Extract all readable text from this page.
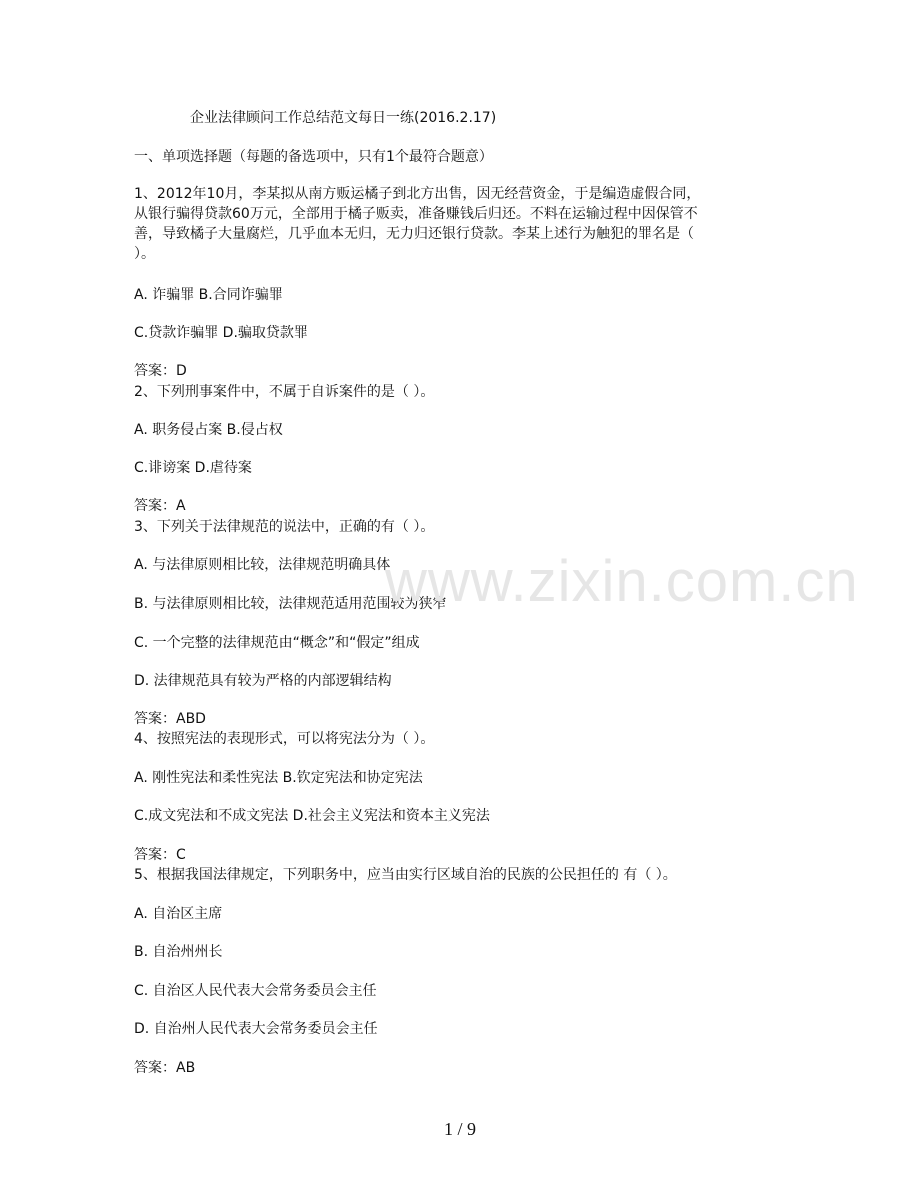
企业法律顾问工作总结范文每日一练(2016.2.17)
一、单项选择题（每题的备选项中，只有1个最符合题意）
1、2012年10月，李某拟从南方贩运橘子到北方出售，因无经营资金，于是编造虚假合同，
从银行骗得贷款60万元，全部用于橘子贩卖，准备赚钱后归还。不料在运输过程中因保管不
善，导致橘子大量腐烂，几乎血本无归，无力归还银行贷款。李某上述行为触犯的罪名是（
）。
A. 诈骗罪 B.合同诈骗罪
C.贷款诈骗罪 D.骗取贷款罪
答案：D
2、下列刑事案件中，不属于自诉案件的是（ ）。
A. 职务侵占案 B.侵占权
C.诽谤案 D.虐待案
答案：A
3、下列关于法律规范的说法中，正确的有（ ）。
A. 与法律原则相比较，法律规范明确具体
B. 与法律原则相比较，法律规范适用范围较为狭窄
C. 一个完整的法律规范由“概念”和“假定”组成
D. 法律规范具有较为严格的内部逻辑结构
答案：ABD
4、按照宪法的表现形式，可以将宪法分为（ ）。
A. 刚性宪法和柔性宪法 B.钦定宪法和协定宪法
C.成文宪法和不成文宪法 D.社会主义宪法和资本主义宪法
答案：C
5、根据我国法律规定，下列职务中，应当由实行区域自治的民族的公民担任的 有（ ）。
A. 自治区主席
B. 自治州州长
C. 自治区人民代表大会常务委员会主任
D. 自治州人民代表大会常务委员会主任
答案：AB
www.zixin.com.cn
1 / 9
